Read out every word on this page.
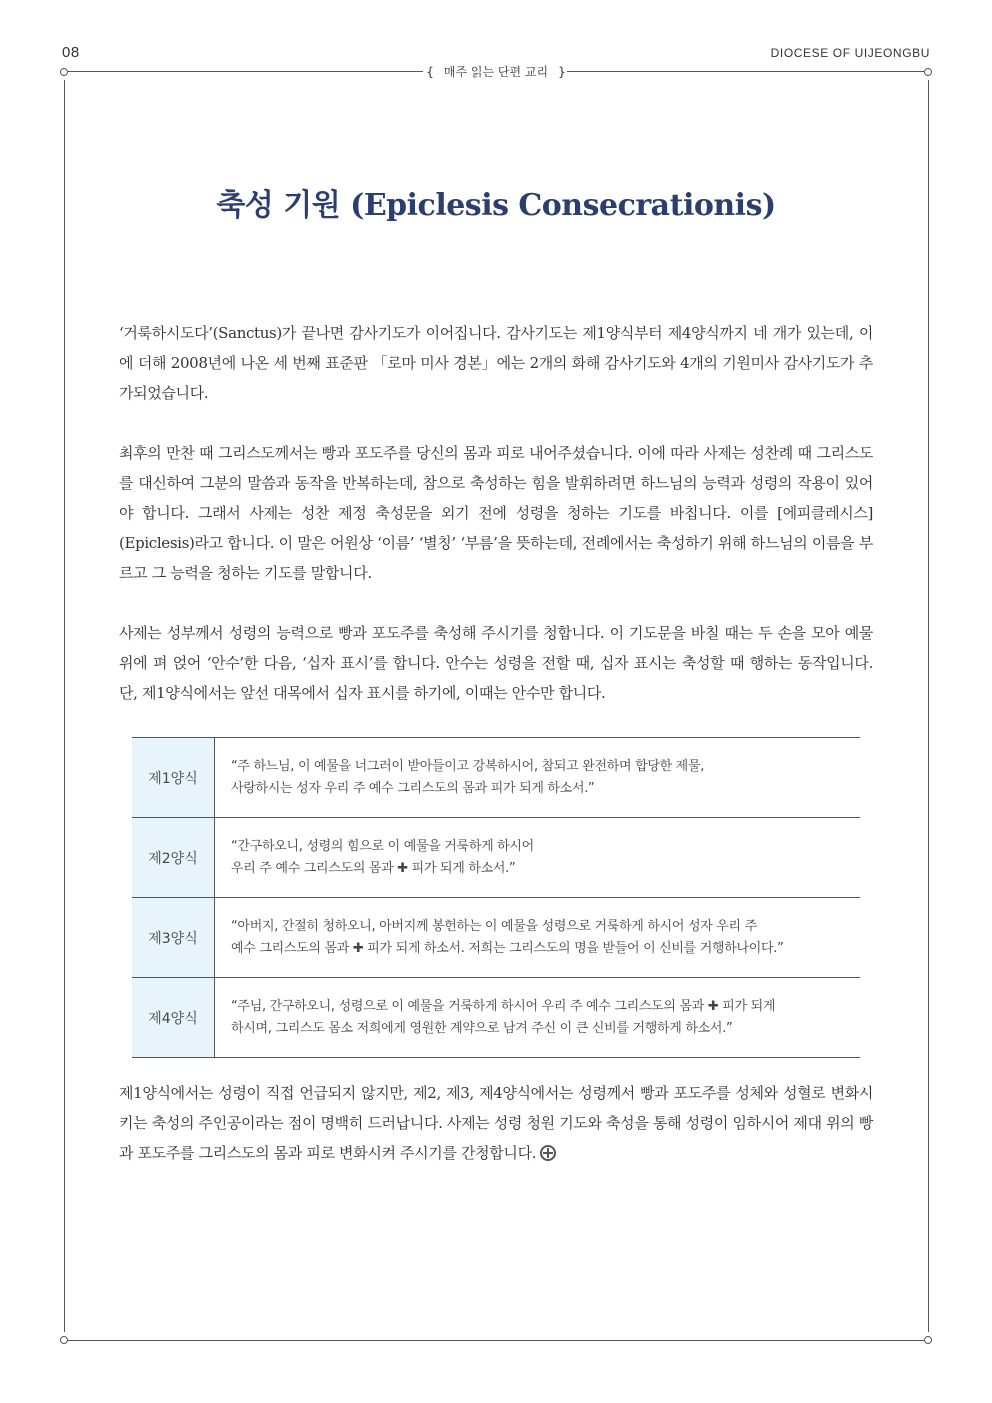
08	DIOCESE OF UIJEONGBU
{ 매주 읽는 단편 교리 }
축성 기원 (Epiclesis Consecrationis)

‘거룩하시도다’(Sanctus)가 끝나면 감사기도가 이어집니다. 감사기도는 제1양식부터 제4양식까지 네 개가 있는데, 이에 더해 2008년에 나온 세 번째 표준판 「로마 미사 경본」에는 2개의 화해 감사기도와 4개의 기원미사 감사기도가 추가되었습니다.

최후의 만찬 때 그리스도께서는 빵과 포도주를 당신의 몸과 피로 내어주셨습니다. 이에 따라 사제는 성찬례 때 그리스도를 대신하여 그분의 말씀과 동작을 반복하는데, 참으로 축성하는 힘을 발휘하려면 하느님의 능력과 성령의 작용이 있어야 합니다. 그래서 사제는 성찬 제정 축성문을 외기 전에 성령을 청하는 기도를 바칩니다. 이를 [에피클레시스] (Epiclesis)라고 합니다. 이 말은 어원상 ‘이름’ ‘별칭’ ‘부름’을 뜻하는데, 전례에서는 축성하기 위해 하느님의 이름을 부르고 그 능력을 청하는 기도를 말합니다.

사제는 성부께서 성령의 능력으로 빵과 포도주를 축성해 주시기를 청합니다. 이 기도문을 바칠 때는 두 손을 모아 예물 위에 펴 얹어 ‘안수’한 다음, ‘십자 표시’를 합니다. 안수는 성령을 전할 때, 십자 표시는 축성할 때 행하는 동작입니다. 단, 제1양식에서는 앞선 대목에서 십자 표시를 하기에, 이때는 안수만 합니다.

제1양식
“주 하느님, 이 예물을 너그러이 받아들이고 강복하시어, 참되고 완전하며 합당한 제물,
사랑하시는 성자 우리 주 예수 그리스도의 몸과 피가 되게 하소서.”
제2양식
“간구하오니, 성령의 힘으로 이 예물을 거룩하게 하시어
우리 주 예수 그리스도의 몸과 ✚ 피가 되게 하소서.”
제3양식
“아버지, 간절히 청하오니, 아버지께 봉헌하는 이 예물을 성령으로 거룩하게 하시어 성자 우리 주
예수 그리스도의 몸과 ✚ 피가 되게 하소서. 저희는 그리스도의 명을 받들어 이 신비를 거행하나이다.”
제4양식
“주님, 간구하오니, 성령으로 이 예물을 거룩하게 하시어 우리 주 예수 그리스도의 몸과 ✚ 피가 되게
하시며, 그리스도 몸소 저희에게 영원한 계약으로 남겨 주신 이 큰 신비를 거행하게 하소서.”

제1양식에서는 성령이 직접 언급되지 않지만, 제2, 제3, 제4양식에서는 성령께서 빵과 포도주를 성체와 성혈로 변화시키는 축성의 주인공이라는 점이 명백히 드러납니다. 사제는 성령 청원 기도와 축성을 통해 성령이 임하시어 제대 위의 빵과 포도주를 그리스도의 몸과 피로 변화시켜 주시기를 간청합니다.
